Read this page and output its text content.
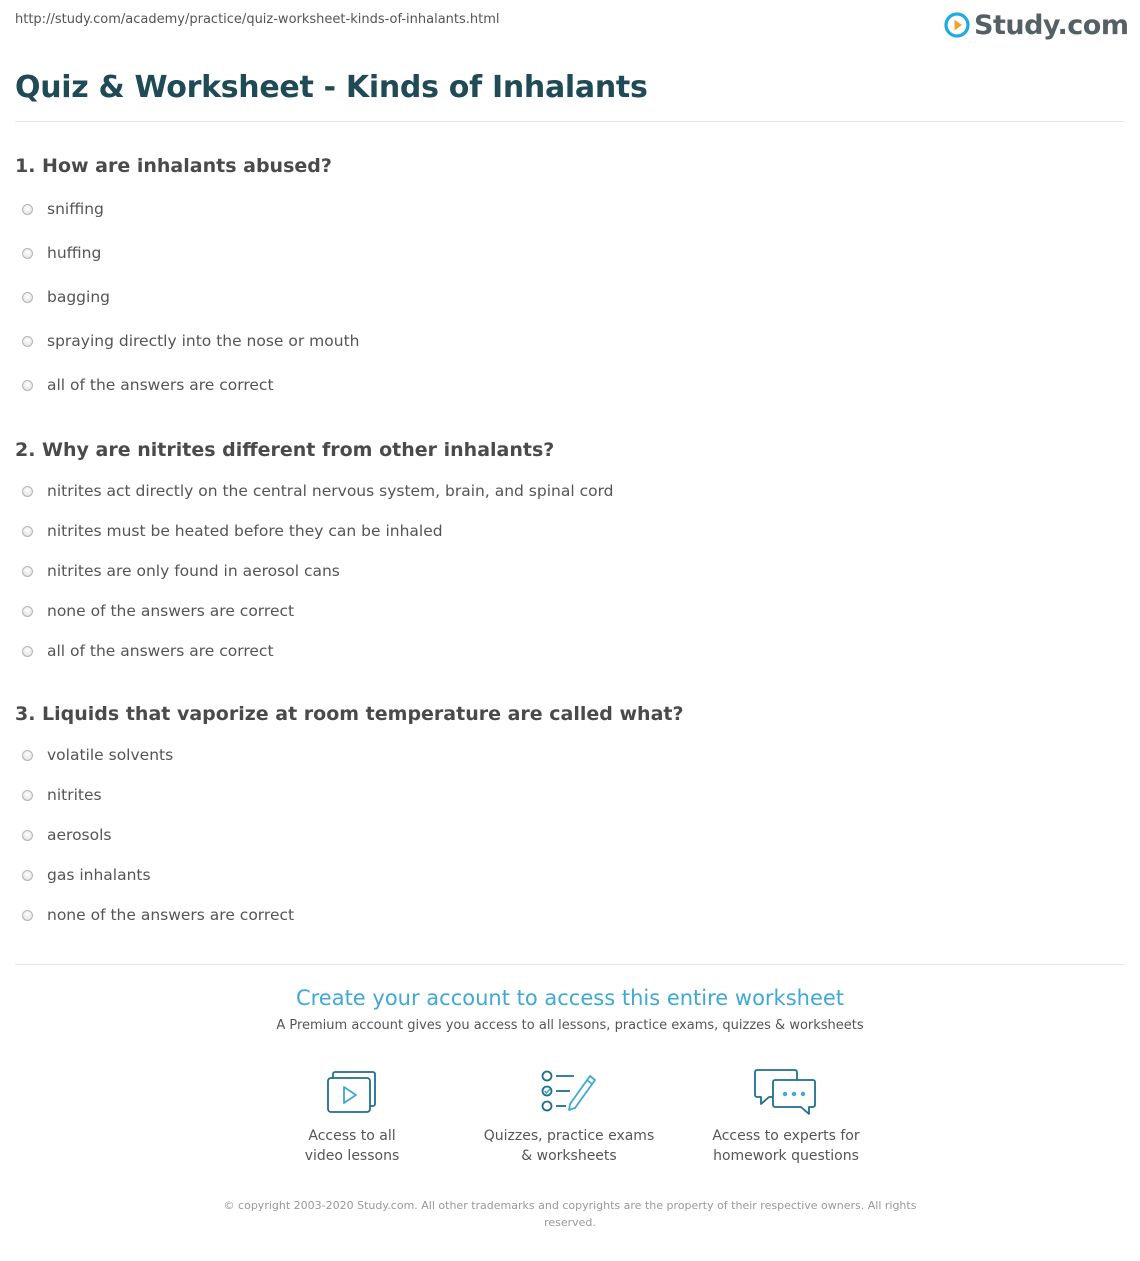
http://study.com/academy/practice/quiz-worksheet-kinds-of-inhalants.html	Study.com
Quiz & Worksheet - Kinds of Inhalants
1. How are inhalants abused?
sniffing
huffing
bagging
spraying directly into the nose or mouth
all of the answers are correct
2. Why are nitrites different from other inhalants?
nitrites act directly on the central nervous system, brain, and spinal cord
nitrites must be heated before they can be inhaled
nitrites are only found in aerosol cans
none of the answers are correct
all of the answers are correct
3. Liquids that vaporize at room temperature are called what?
volatile solvents
nitrites
aerosols
gas inhalants
none of the answers are correct
Create your account to access this entire worksheet
A Premium account gives you access to all lessons, practice exams, quizzes & worksheets
Access to all
video lessons
Quizzes, practice exams
& worksheets
Access to experts for
homework questions
© copyright 2003-2020 Study.com. All other trademarks and copyrights are the property of their respective owners. All rights reserved.
